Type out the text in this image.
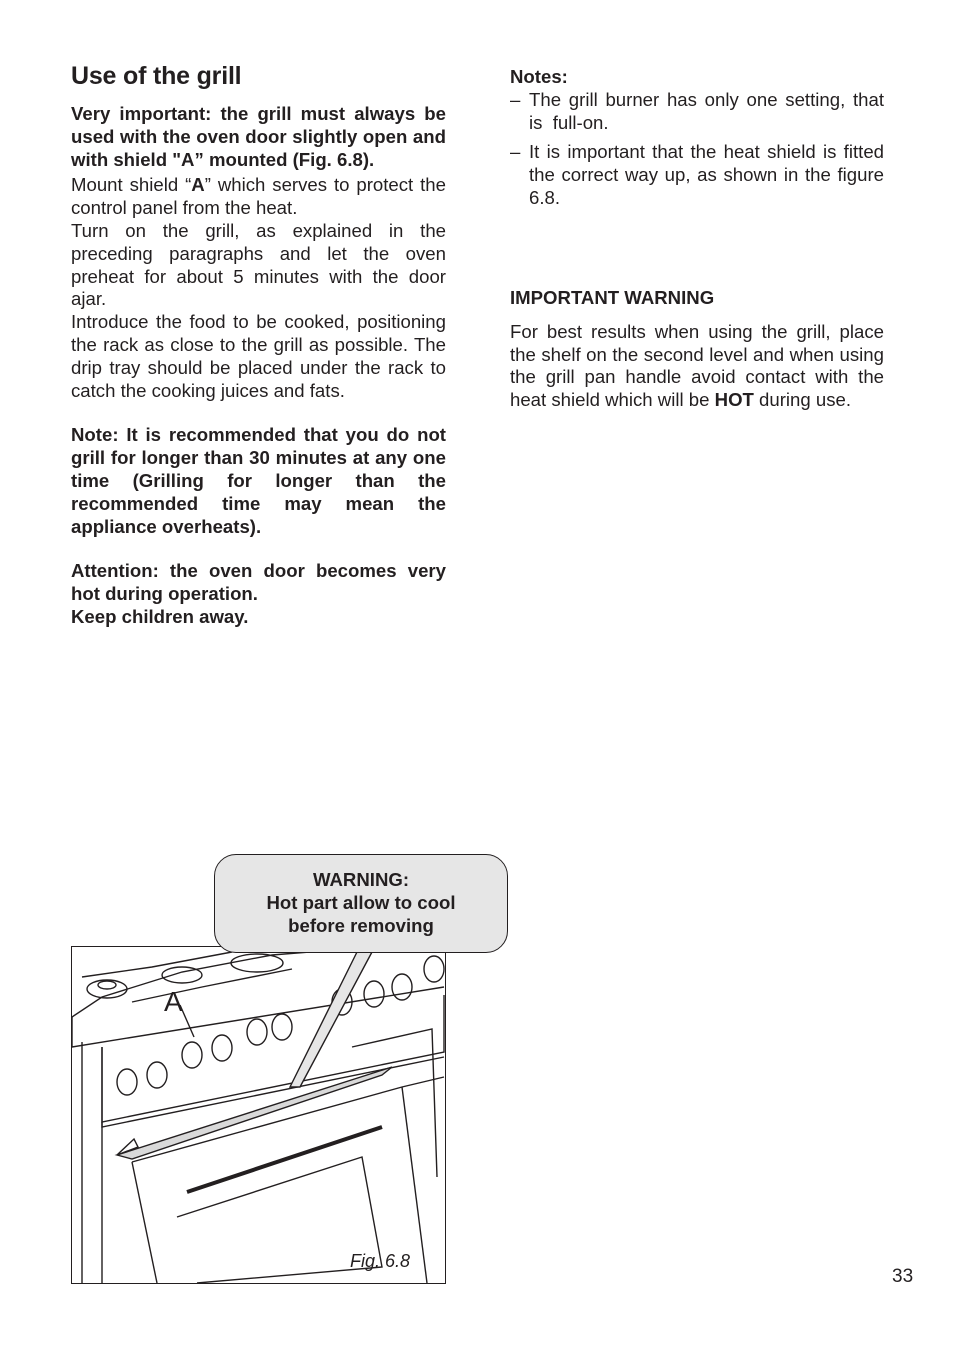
Use of the grill

Very important: the grill must always be used with the oven door slightly open and with shield "A” mounted (Fig. 6.8).

Mount shield “A” which serves to protect the control panel from the heat.

Turn on the grill, as explained in the preceding paragraphs and let the oven preheat for about 5 minutes with the door ajar.

Introduce the food to be cooked, positioning the rack as close to the grill as possible. The drip tray should be placed under the rack to catch the cooking juices and fats.

Note: It is recommended that you do not grill for longer than 30 minutes at any one time (Grilling for longer than the recommended time may mean the appliance overheats).

Attention: the oven door becomes very hot during operation.

Keep children away.

Notes:
– The grill burner has only one setting, that is  full-on.
– It is important that the heat shield is fitted the correct way up, as shown in the figure 6.8.
IMPORTANT WARNING

For best results when using the grill, place the shelf on the second level and when using the grill pan handle avoid contact with the heat shield which will be HOT during use.

WARNING:
Hot part allow to cool
before removing
A
Fig. 6.8
33
